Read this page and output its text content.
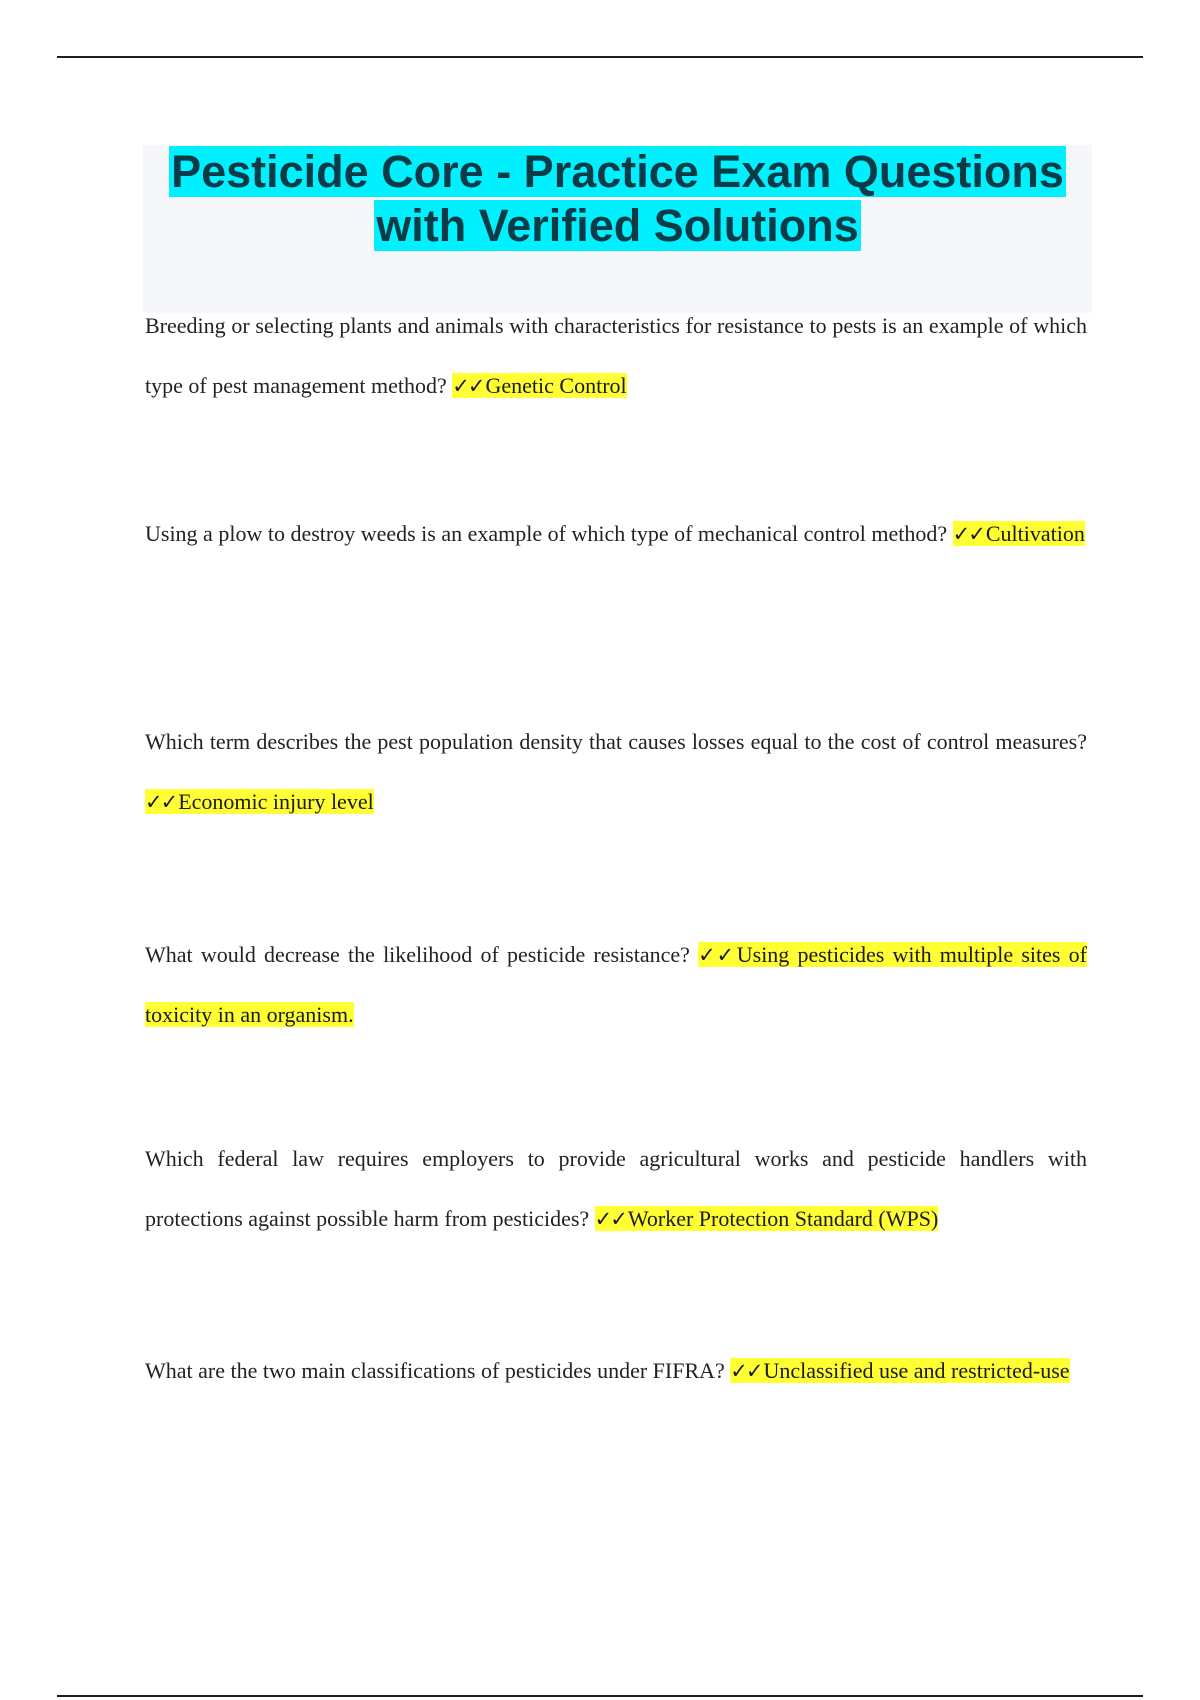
Pesticide Core - Practice Exam Questions with Verified Solutions

Breeding or selecting plants and animals with characteristics for resistance to pests is an example of which type of pest management method? ✓✓Genetic Control

Using a plow to destroy weeds is an example of which type of mechanical control method? ✓✓Cultivation

Which term describes the pest population density that causes losses equal to the cost of control measures? ✓✓Economic injury level

What would decrease the likelihood of pesticide resistance? ✓✓Using pesticides with multiple sites of toxicity in an organism.

Which federal law requires employers to provide agricultural works and pesticide handlers with protections against possible harm from pesticides? ✓✓Worker Protection Standard (WPS)

What are the two main classifications of pesticides under FIFRA? ✓✓Unclassified use and restricted-use
